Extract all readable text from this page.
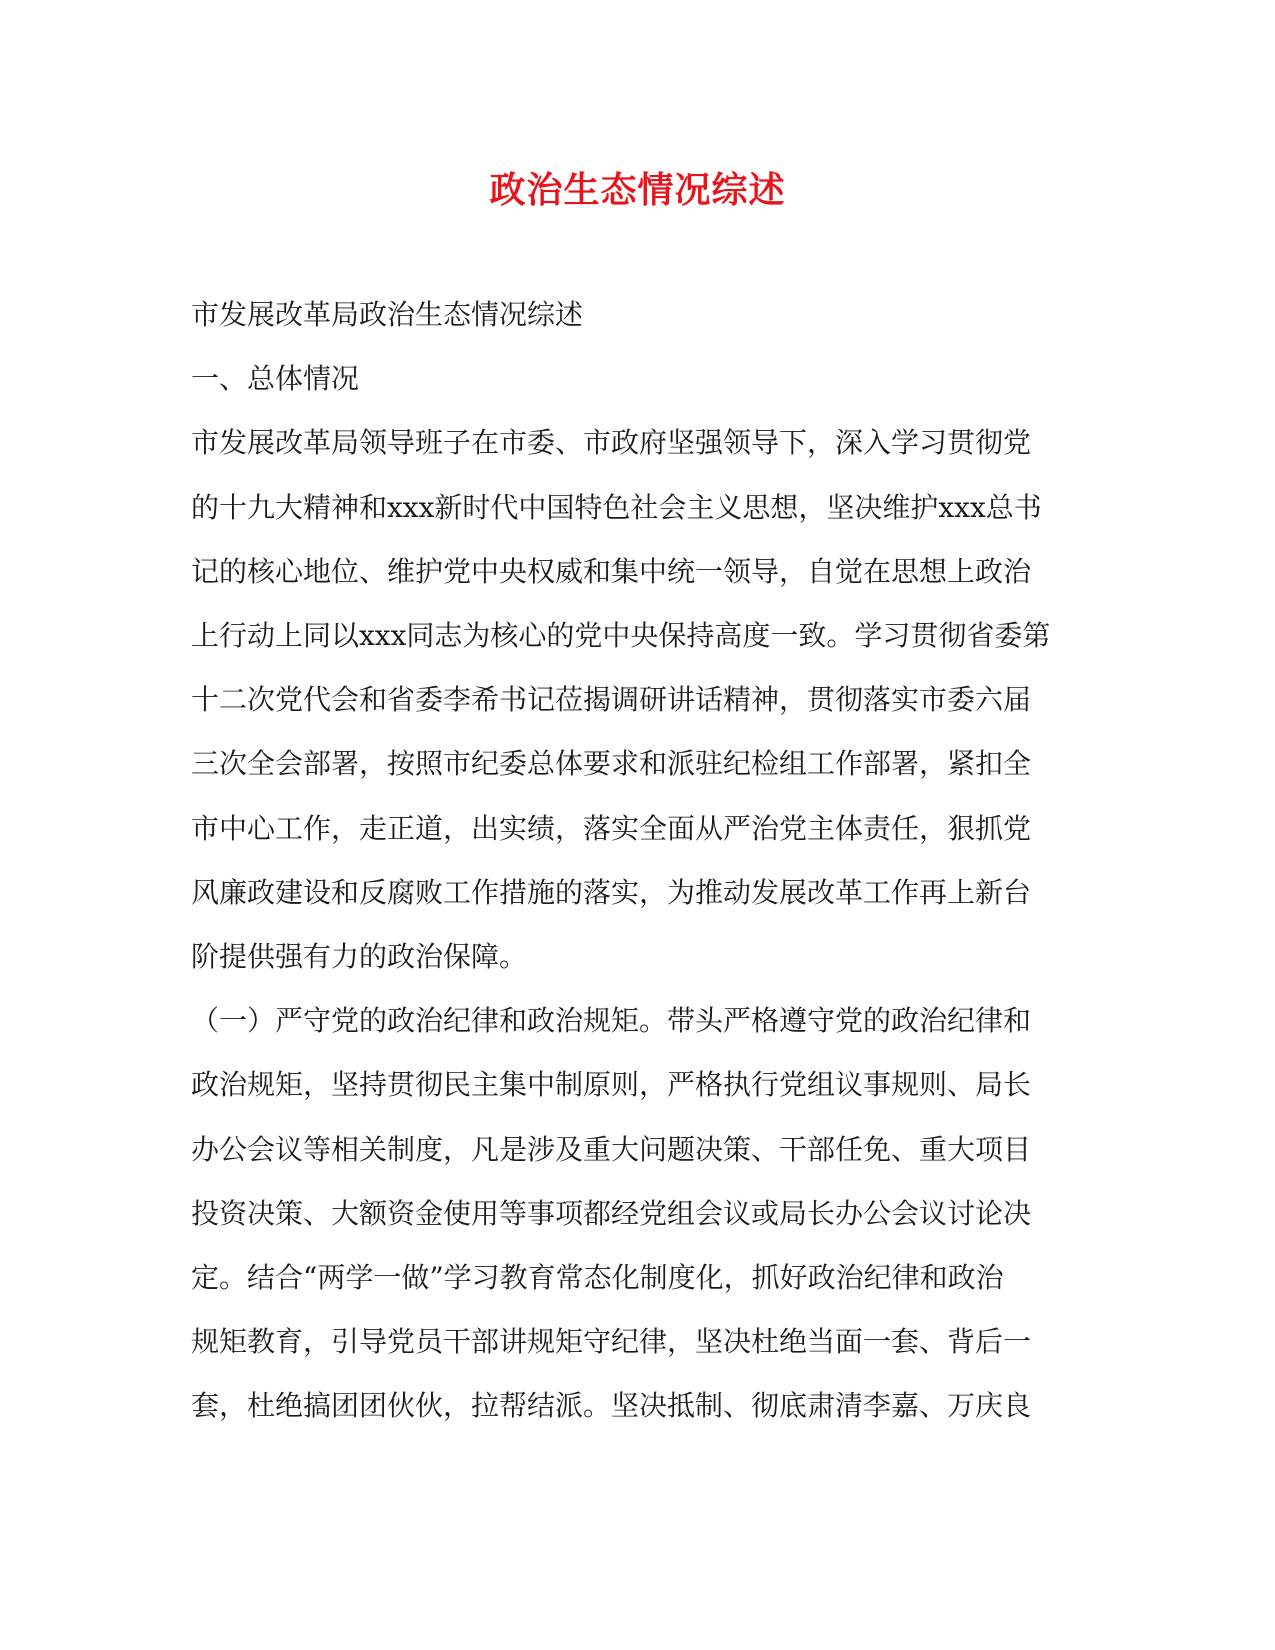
政治生态情况综述

市发展改革局政治生态情况综述

一、总体情况

市发展改革局领导班子在市委、市政府坚强领导下，深入学习贯彻党

的十九大精神和xxx新时代中国特色社会主义思想，坚决维护xxx总书

记的核心地位、维护党中央权威和集中统一领导，自觉在思想上政治

上行动上同以xxx同志为核心的党中央保持高度一致。学习贯彻省委第

十二次党代会和省委李希书记莅揭调研讲话精神，贯彻落实市委六届

三次全会部署，按照市纪委总体要求和派驻纪检组工作部署，紧扣全

市中心工作，走正道，出实绩，落实全面从严治党主体责任，狠抓党

风廉政建设和反腐败工作措施的落实，为推动发展改革工作再上新台

阶提供强有力的政治保障。

（一）严守党的政治纪律和政治规矩。带头严格遵守党的政治纪律和

政治规矩，坚持贯彻民主集中制原则，严格执行党组议事规则、局长

办公会议等相关制度，凡是涉及重大问题决策、干部任免、重大项目

投资决策、大额资金使用等事项都经党组会议或局长办公会议讨论决

定。结合“两学一做”学习教育常态化制度化，抓好政治纪律和政治

规矩教育，引导党员干部讲规矩守纪律，坚决杜绝当面一套、背后一

套，杜绝搞团团伙伙，拉帮结派。坚决抵制、彻底肃清李嘉、万庆良
